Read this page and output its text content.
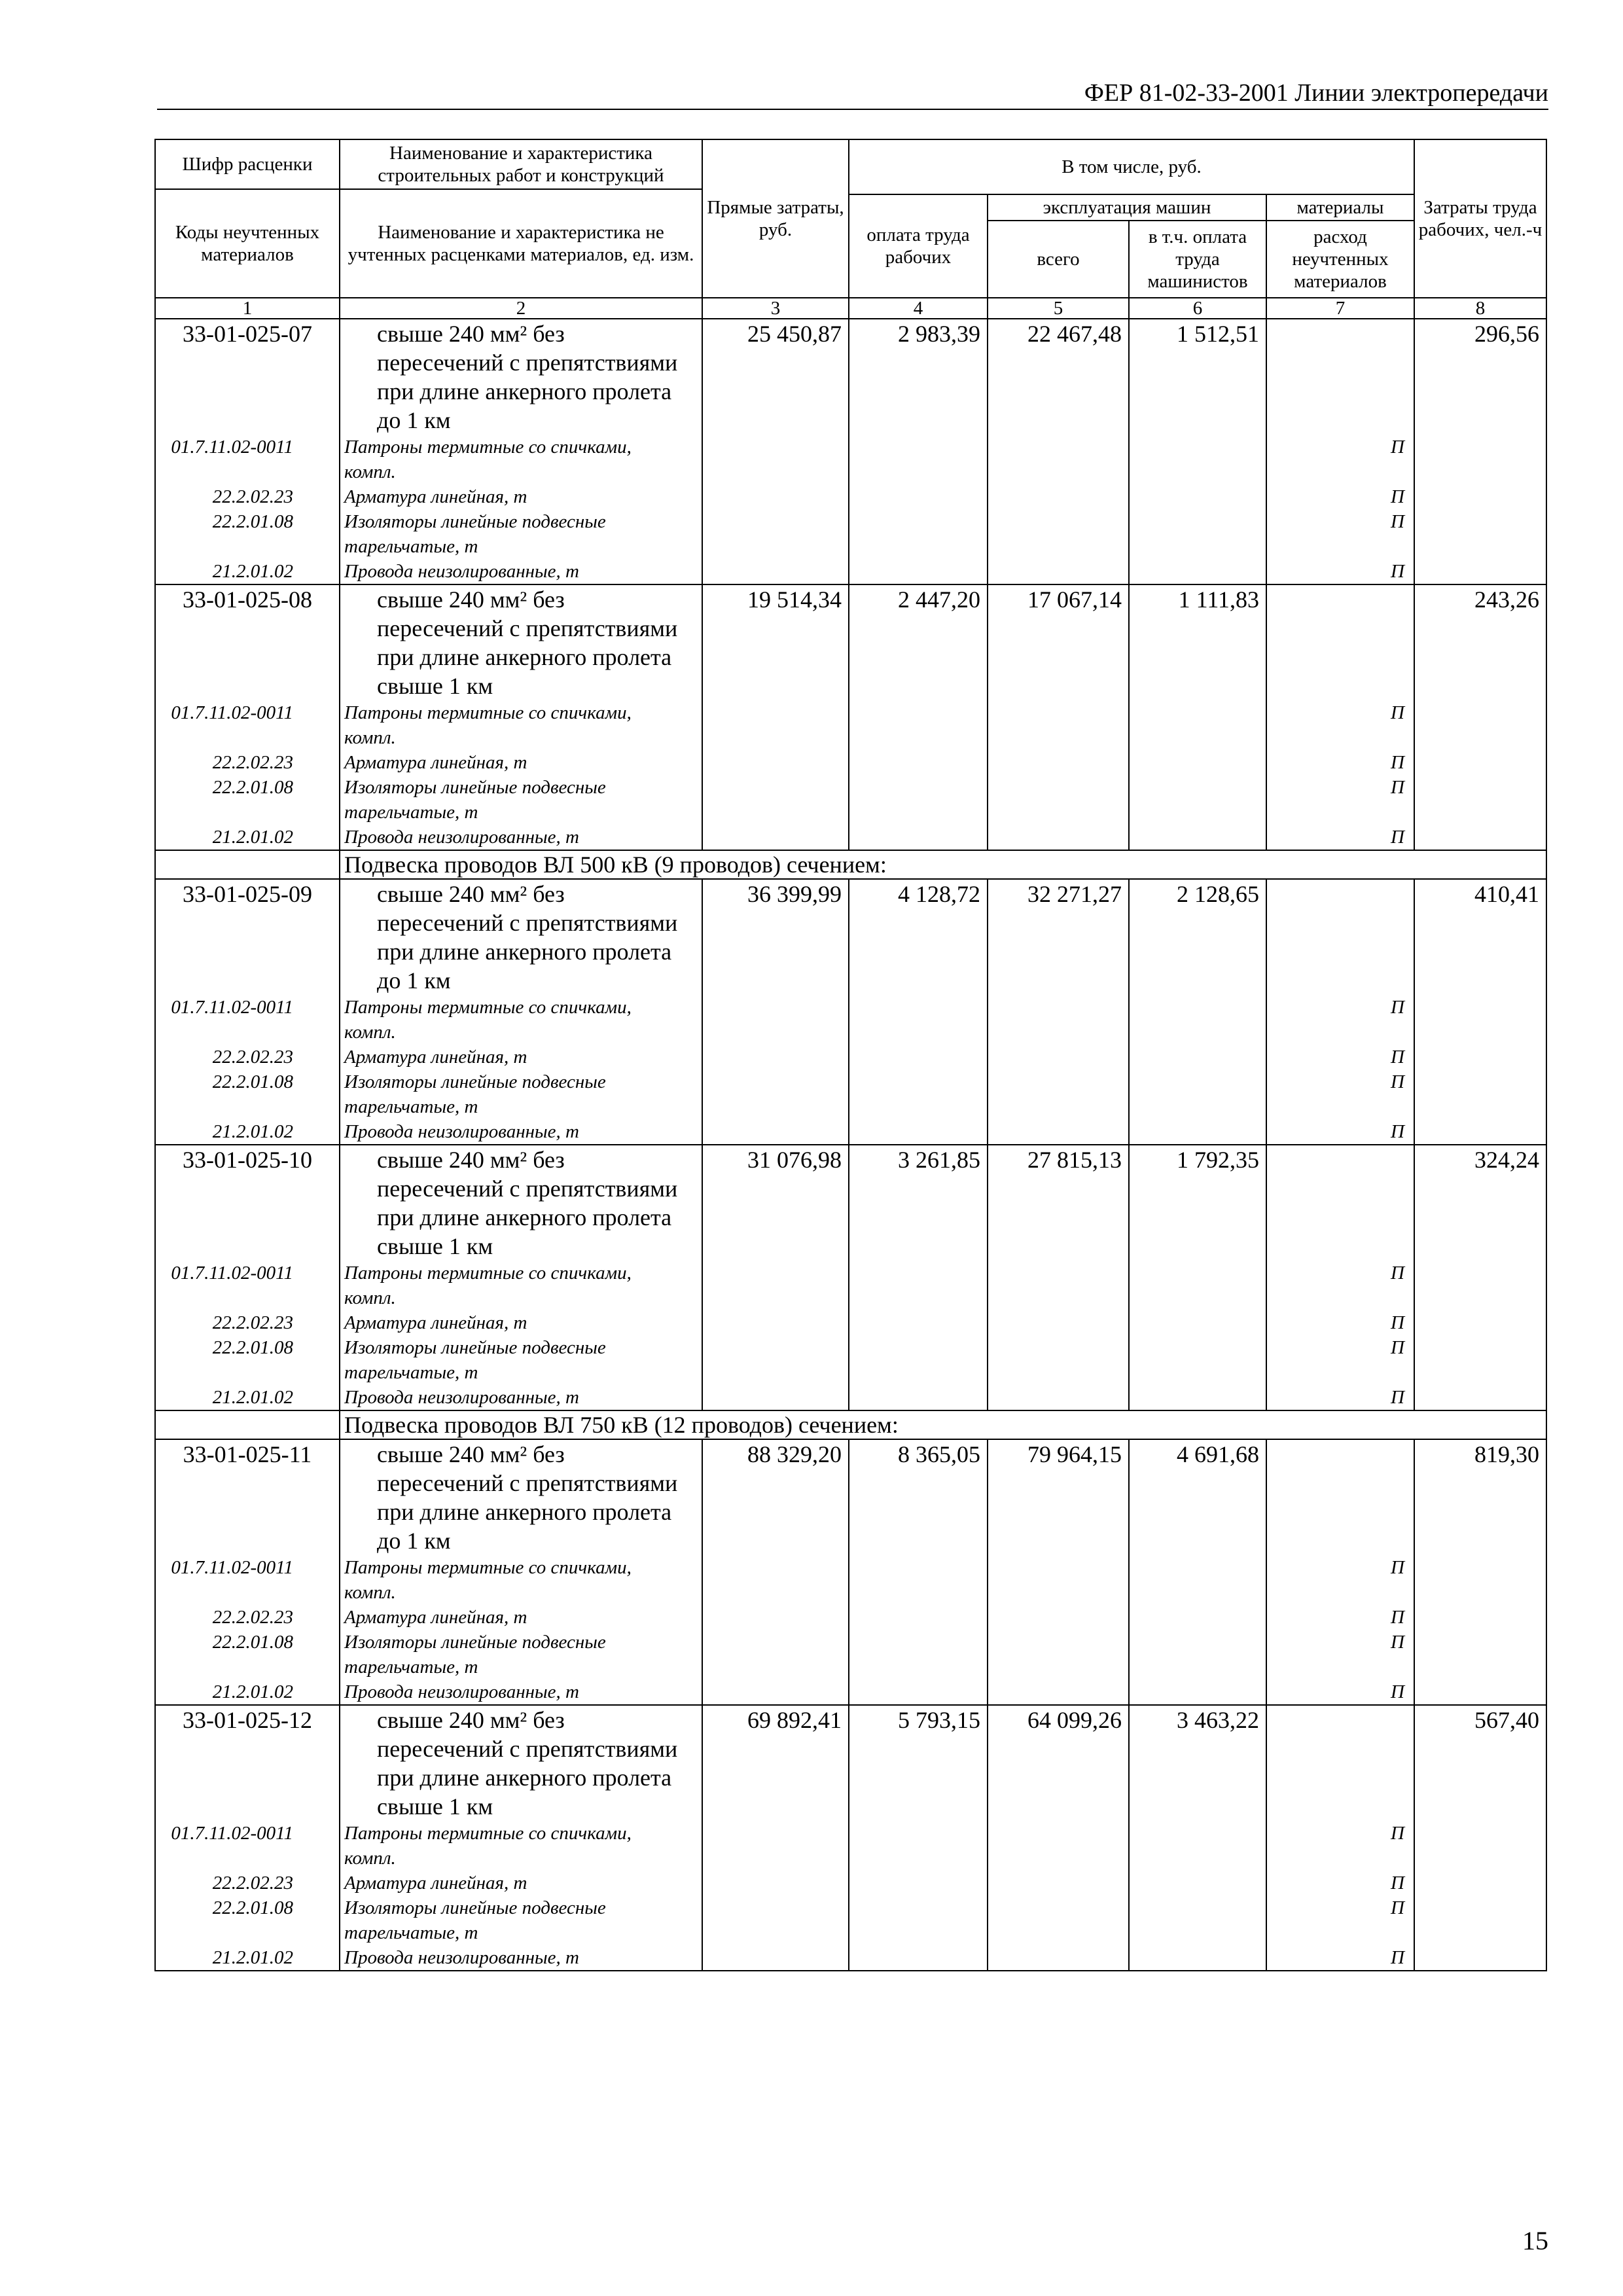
ФЕР 81-02-33-2001 Линии электропередачи
Шифр расценки	Наименование и характеристика строительных работ и конструкций	Прямые затраты, руб.	В том числе, руб.				Затраты труда рабочих, чел.-ч
Коды неучтенных материалов	Наименование и характеристика не учтенных расценками материалов, ед. изм.						
			оплата труда рабочих	эксплуатация машин		материалы	
				всего	в т.ч. оплата труда машинистов	расход неучтенных материалов	
1	2	3	4	5	6	7	8
33-01-025-07	свыше 240 мм² без
пересечений с препятствиями
при длине анкерного пролета
до 1 км	25 450,87	2 983,39	22 467,48	1 512,51		296,56
01.7.11.02-0011	Патроны термитные со спичками,
компл.					П	
22.2.02.23	Арматура линейная, т					П	
22.2.01.08	Изоляторы линейные подвесные
тарельчатые, т					П	
21.2.01.02	Провода неизолированные, т					П	
33-01-025-08	свыше 240 мм² без
пересечений с препятствиями
при длине анкерного пролета
свыше 1 км	19 514,34	2 447,20	17 067,14	1 111,83		243,26
01.7.11.02-0011	Патроны термитные со спичками,
компл.					П	
22.2.02.23	Арматура линейная, т					П	
22.2.01.08	Изоляторы линейные подвесные
тарельчатые, т					П	
21.2.01.02	Провода неизолированные, т					П	
	Подвеска проводов ВЛ 500 кВ (9 проводов) сечением:						
33-01-025-09	свыше 240 мм² без
пересечений с препятствиями
при длине анкерного пролета
до 1 км	36 399,99	4 128,72	32 271,27	2 128,65		410,41
01.7.11.02-0011	Патроны термитные со спичками,
компл.					П	
22.2.02.23	Арматура линейная, т					П	
22.2.01.08	Изоляторы линейные подвесные
тарельчатые, т					П	
21.2.01.02	Провода неизолированные, т					П	
33-01-025-10	свыше 240 мм² без
пересечений с препятствиями
при длине анкерного пролета
свыше 1 км	31 076,98	3 261,85	27 815,13	1 792,35		324,24
01.7.11.02-0011	Патроны термитные со спичками,
компл.					П	
22.2.02.23	Арматура линейная, т					П	
22.2.01.08	Изоляторы линейные подвесные
тарельчатые, т					П	
21.2.01.02	Провода неизолированные, т					П	
	Подвеска проводов ВЛ 750 кВ (12 проводов) сечением:						
33-01-025-11	свыше 240 мм² без
пересечений с препятствиями
при длине анкерного пролета
до 1 км	88 329,20	8 365,05	79 964,15	4 691,68		819,30
01.7.11.02-0011	Патроны термитные со спичками,
компл.					П	
22.2.02.23	Арматура линейная, т					П	
22.2.01.08	Изоляторы линейные подвесные
тарельчатые, т					П	
21.2.01.02	Провода неизолированные, т					П	
33-01-025-12	свыше 240 мм² без
пересечений с препятствиями
при длине анкерного пролета
свыше 1 км	69 892,41	5 793,15	64 099,26	3 463,22		567,40
01.7.11.02-0011	Патроны термитные со спичками,
компл.					П	
22.2.02.23	Арматура линейная, т					П	
22.2.01.08	Изоляторы линейные подвесные
тарельчатые, т					П	
21.2.01.02	Провода неизолированные, т					П	
15
